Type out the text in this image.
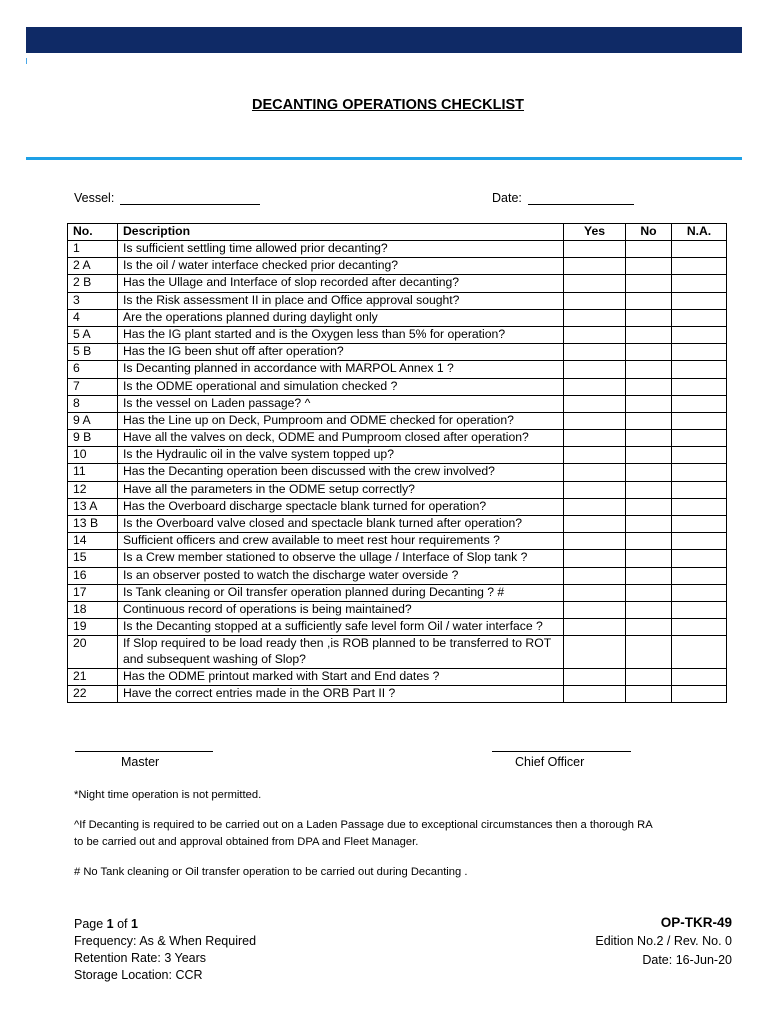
DECANTING OPERATIONS CHECKLIST
Vessel:	Date:
No.	Description	Yes	No	N.A.
1	Is sufficient settling time allowed prior decanting?			
2 A	Is the oil / water interface checked prior decanting?			
2 B	Has the Ullage and Interface of slop recorded after decanting?			
3	Is the Risk assessment II in place and Office approval sought?			
4	Are the operations planned during daylight only			
5 A	Has the IG plant started and is the Oxygen less than 5% for operation?			
5 B	Has the IG been shut off after operation?			
6	Is Decanting planned in accordance with MARPOL Annex 1 ?			
7	Is the ODME operational and simulation checked ?			
8	Is the vessel on Laden passage? ^			
9 A	Has the Line up on Deck, Pumproom and ODME checked for operation?			
9 B	Have all the valves on deck, ODME and Pumproom closed after operation?			
10	Is the Hydraulic oil in the valve system topped up?			
11	Has the Decanting operation been discussed with the crew involved?			
12	Have all the parameters in the ODME setup correctly?			
13 A	Has the Overboard discharge spectacle blank turned for operation?			
13 B	Is the Overboard valve closed and spectacle blank turned after operation?			
14	Sufficient officers and crew available to meet rest hour requirements ?			
15	Is a Crew member stationed to observe the ullage / Interface of Slop tank ?			
16	Is an observer posted to watch the discharge water overside ?			
17	Is Tank cleaning or Oil transfer operation planned during Decanting ? #			
18	Continuous record of operations is being maintained?			
19	Is the Decanting stopped at a sufficiently safe level form Oil / water interface ?			
20	If Slop required to be load ready then ,is ROB planned to be transferred to ROT and subsequent washing of Slop?			
21	Has the ODME printout marked with Start and End dates ?			
22	Have the correct entries made in the ORB Part II ?			
Master	Chief Officer
*Night time operation is not permitted.
^If Decanting is required to be carried out on a Laden Passage due to exceptional circumstances then a thorough RA
to be carried out and approval obtained from DPA and Fleet Manager.
# No Tank cleaning or Oil transfer operation to be carried out during Decanting .
Page 1 of 1
Frequency: As & When Required
Retention Rate: 3 Years
Storage Location: CCR
OP-TKR-49
Edition No.2 / Rev. No. 0
Date: 16-Jun-20
